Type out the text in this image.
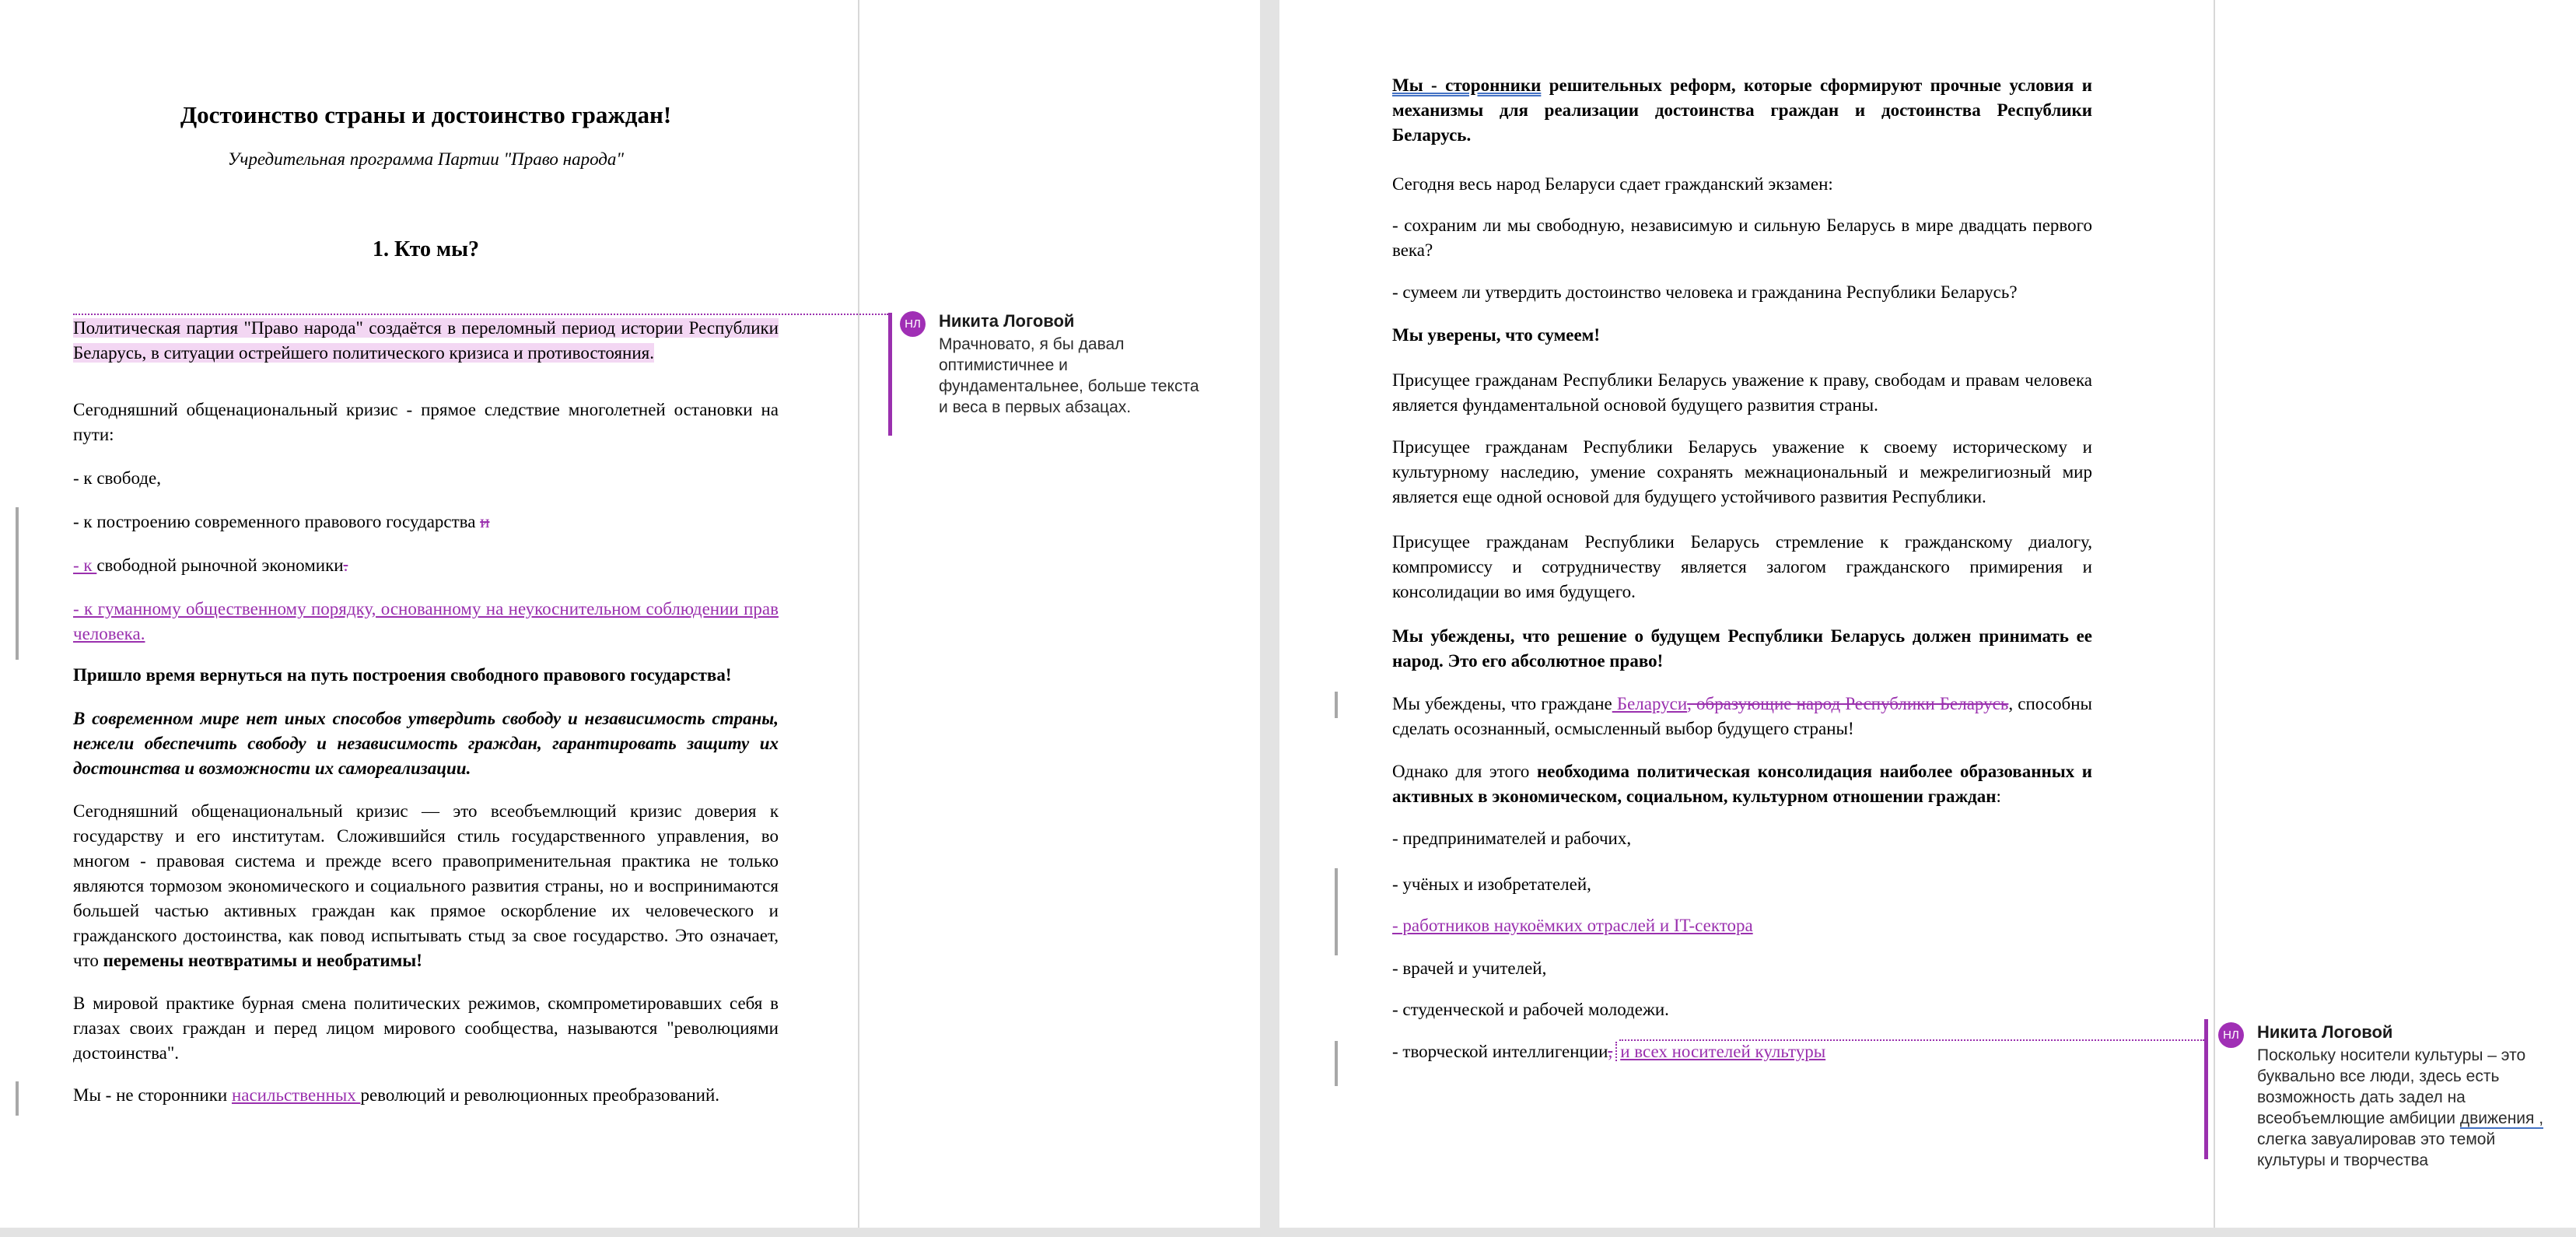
Достоинство страны и достоинство граждан!
Учредительная программа Партии "Право народа"
1. Кто мы?
Политическая партия "Право народа" создаётся в переломный период истории Республики Беларусь, в ситуации острейшего политического кризиса и противостояния.
Сегодняшний общенациональный кризис - прямое следствие многолетней остановки на пути:
- к свободе,
- к построению современного правового государства и
- к свободной рыночной экономики.
- к гуманному общественному порядку, основанному на неукоснительном соблюдении прав человека.
Пришло время вернуться на путь построения свободного правового государства!
В современном мире нет иных способов утвердить свободу и независимость страны, нежели обеспечить свободу и независимость граждан, гарантировать защиту их достоинства и возможности их самореализации.
Сегодняшний общенациональный кризис — это всеобъемлющий кризис доверия к государству и его институтам. Сложившийся стиль государственного управления, во многом - правовая система и прежде всего правоприменительная практика не только являются тормозом экономического и социального развития страны, но и воспринимаются большей частью активных граждан как прямое оскорбление их человеческого и гражданского достоинства, как повод испытывать стыд за свое государство. Это означает, что перемены неотвратимы и необратимы!
В мировой практике бурная смена политических режимов, скомпрометировавших себя в глазах своих граждан и перед лицом мирового сообщества, называются "революциями достоинства".
Мы - не сторонники насильственных революций и революционных преобразований.
Мы - сторонники решительных реформ, которые сформируют прочные условия и механизмы для реализации достоинства граждан и достоинства Республики Беларусь.
Сегодня весь народ Беларуси сдает гражданский экзамен:
- сохраним ли мы свободную, независимую и сильную Беларусь в мире двадцать первого века?
- сумеем ли утвердить достоинство человека и гражданина Республики Беларусь?
Мы уверены, что сумеем!
Присущее гражданам Республики Беларусь уважение к праву, свободам и правам человека является фундаментальной основой будущего развития страны.
Присущее гражданам Республики Беларусь уважение к своему историческому и культурному наследию, умение сохранять межнациональный и межрелигиозный мир является еще одной основой для будущего устойчивого развития Республики.
Присущее гражданам Республики Беларусь стремление к гражданскому диалогу, компромиссу и сотрудничеству является залогом гражданского примирения и консолидации во имя будущего.
Мы убеждены, что решение о будущем Республики Беларусь должен принимать ее народ. Это его абсолютное право!
Мы убеждены, что граждане Беларуси, образующие народ Республики Беларусь, способны сделать осознанный, осмысленный выбор будущего страны!
Однако для этого необходима политическая консолидация наиболее образованных и активных в экономическом, социальном, культурном отношении граждан:
- предпринимателей и рабочих,
- учёных и изобретателей,
- работников наукоёмких отраслей и IT-сектора
- врачей и учителей,
- студенческой и рабочей молодежи.
- творческой интеллигенции, и всех носителей культуры
НЛ Никита Логовой
Мрачновато, я бы давал оптимистичнее и фундаментальнее, больше текста и веса в первых абзацах.
НЛ Никита Логовой
Поскольку носители культуры – это буквально все люди, здесь есть возможность дать задел на всеобъемлющие амбиции движения , слегка завуалировав это темой культуры и творчества
